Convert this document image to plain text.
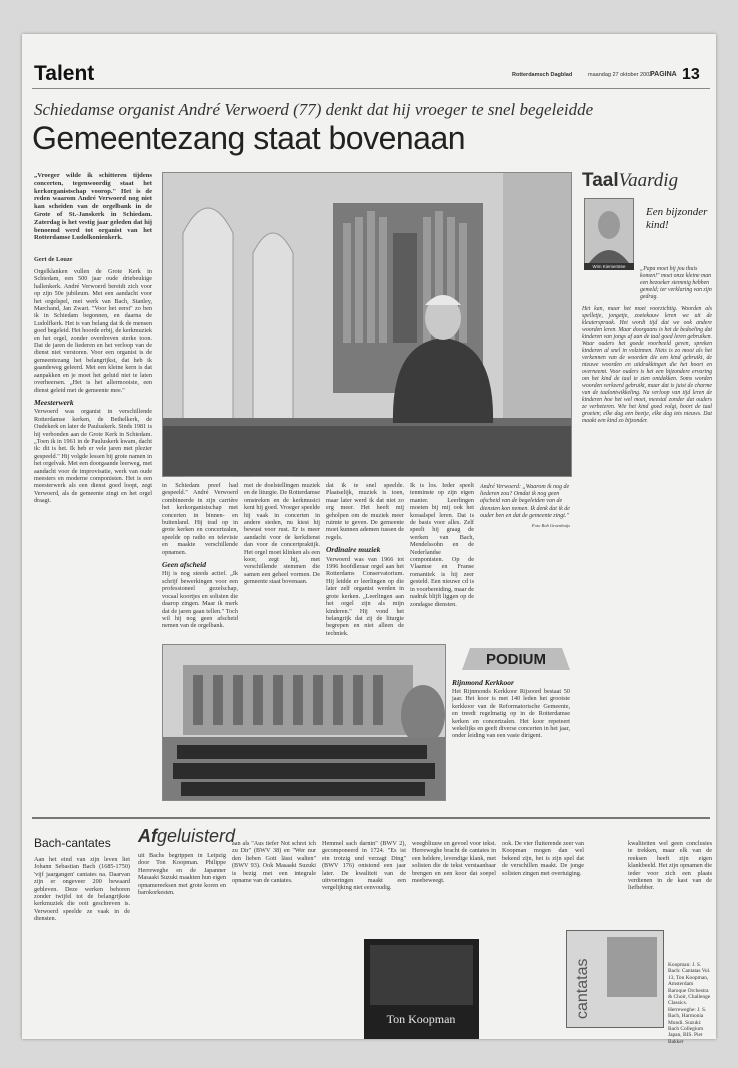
Talent	Rotterdamsch Dagblad	maandag 27 oktober 2003
PAGINA 13
Schiedamse organist André Verwoerd (77) denkt dat hij vroeger te snel begeleidde
Gemeentezang staat bovenaan
„Vroeger wilde ik schitteren tijdens concerten, tegenwoordig staat het kerkorganistschap voorop." Het is de reden waarom André Verwoerd nog niet kan scheiden van de orgelbank in de Grote of St.-Janskerk in Schiedam. Zaterdag is het vestig jaar geleden dat hij benoemd werd tot organist van het Rotterdamse Ludolkonienkerk.
Gert de Louze
Orgelklanken vullen de Grote Kerk in Schiedam, een 500 jaar oude driebeukige hallenkerk. André Verwoerd bereidt zich voor op zijn 50e jubileum. Met een aandacht voor het orgelspel, met werk van Bach, Stanley, Marchand, Jan Zwart. "Voor het eerst" zo ben ik in Schiedam begonnen, en daarna de Ludolfkerk. Het is van belang dat ik de mensen goed begeleid. Het hoorde erbij, de kerkmuziek en het orgel, zonder overdreven sterke toon. Dat de jaren de liederen en het verloop van de dienst niet verstoren. Voor een organist is de gemeentezang het belangrijkst, dat heb ik gaandeweg geleerd. Met een kleine kern is dat aanpakken en je moet het geluid niet te laten overheersen. „Het is het allermooiste, een dienst geleid met de gemeente mee."
Meesterwerk
Verwoerd was organist in verschillende Rotterdamse kerken, de Bethelkerk, de Oudekerk en later de Pauluskerk. Sinds 1981 is hij verbonden aan de Grote Kerk in Schiedam. „Toen ik in 1961 in de Pauluskerk kwam, dacht ik: dit is het. Ik heb er vele jaren met plezier gespeeld." Hij volgde lessen bij grote namen in het orgelvak. Met een doorgaande leerweg, met aandacht voor de improvisatie, werk van oude meesters en moderne componisten. Het is een meesterwerk als een dienst goed loopt, zegt Verwoerd, als de gemeente zingt en het orgel draagt.
in Schiedam preef had gespeeld." André Verwoerd combineerde in zijn carrière het kerkorganistschap met concerten in binnen- en buitenland. Hij trad op in grote kerken en concertzalen, speelde op radio en televisie en maakte verschillende opnamen.
Geen afscheid
Hij is nog steeds actief. „Ik schrijf bewerkingen voor een professioneel gezelschap, vocaal koortjes en solisten die daarop zingen. Maar ik merk dat de jaren gaan tellen." Toch wil hij nog geen afscheid nemen van de orgelbank.
met de doelstellingen muziek en de liturgie. De Rotterdamse omstreken en de kerkmusici kent hij goed. Vroeger speelde hij vaak in concerten in andere steden, nu kiest hij bewust voor rust. Er is meer aandacht voor de kerkdienst dan voor de concertpraktijk. Het orgel moet klinken als een koor, zegt hij, met verschillende stemmen die samen een geheel vormen. De gemeente staat bovenaan.
dat ik te snel speelde. Plaatselijk, muziek is toen, maar later werd ik dat niet zo erg meer. Het heeft mij geholpen om de muziek meer ruimte te geven. De gemeente moet kunnen ademen tussen de regels.
Ordinaire muziek
Verwoerd was van 1966 tot 1996 hoofdleraar orgel aan het Rotterdams Conservatorium. Hij leidde er leerlingen op die later zelf organist werden in grote kerken. „Leerlingen aan het orgel zijn als mijn kinderen." Hij vond het belangrijk dat zij de liturgie begrepen en niet alleen de techniek.
Ik is los. Ieder speelt tenminste op zijn eigen manier. Leerlingen moeten bij mij ook het koraalspel leren. Dat is de basis voor alles. Zelf speelt hij graag de werken van Bach, Mendelssohn en de Nederlandse componisten. Op de Vlaamse en Franse romantiek is hij zeer gesteld. Een nieuwe cd is in voorbereiding, maar de nadruk blijft liggen op de zondagse diensten.
André Verwoerd: „Waarom ik nog de liederen zou? Omdat ik nog geen afscheid van de begeleiden van de diensten kon nemen. Ik denk dat ik de ouder ben en dat de gemeente zingt."
Foto Rob Groenhuijs
TaalVaardig
Wim Kiemerstee
Een bijzonder kind!
„Papa moet bij jou thuis komen!" moet onze kleine man een bezoeker stemmig hebben gemeld; ter verklaring van zijn gedrag.
Het kan, maar het moet voorzichtig. Woorden als spelletje, jongetje, zoetekauw leren we uit de kleuterspraak. Het wordt tijd dat we ook andere woorden leren. Maar doorgaans is het de bedoeling dat kinderen van jongs af aan de taal goed leren gebruiken. Waar ouders het goede voorbeeld geven, spreken kinderen al snel in volzinnen. Niets is zo mooi als het verkennen van de woorden die een kind gebruikt, de nieuwe woorden en uitdrukkingen die het hoort en overneemt. Voor ouders is het een bijzondere ervaring om het kind de taal te zien ontdekken. Soms worden woorden verkeerd gebruikt, maar dat is juist de charme van de taalontwikkeling. Na verloop van tijd leren de kinderen hoe het wel moet, meestal zonder dat ouders ze verbeteren. Wie het kind goed volgt, hoort de taal groeien; elke dag een beetje, elke dag iets nieuws. Dat maakt een kind zo bijzonder.
PODIUM
Rijnmond Kerkkoor
Het Rijnmonds Kerkkoor Rijsoord bestaat 50 jaar. Het koor is met 140 leden het grootste kerkkoor van de Reformatorische Gemeente, en treedt regelmatig op in de Rotterdamse kerken en concertzalen. Het koor repeteert wekelijks en geeft diverse concerten in het jaar, onder leiding van een vaste dirigent.
Bach-cantates
Aan het eind van zijn leven liet Johann Sebastian Bach (1685-1750) 'vijf jaargangen' cantates na. Daarvan zijn er ongeveer 200 bewaard gebleven. Deze werken behoren zonder twijfel tot de belangrijkste kerkmuziek die ooit geschreven is. Verwoerd speelde ze vaak in de diensten.
Afgeluisterd
uit Bachs begrippen in Leipzig door Ton Koopman. Philippe Herreweghe en de Japanner Masaaki Suzuki maakten hun eigen opnamereeksen met grote koren en barokorkesten.
aan als "Aus tiefer Not schrei ich zu Dir" (BWV 38) en "Wer nur den lieben Gott lässt walten" (BWV 93). Ook Masaaki Suzuki is bezig met een integrale opname van de cantates.
Hemmel sach darnin" (BWV 2), gecomponeerd in 1724. "Es ist ein trotzig und verzagt Ding" (BWV 176) ontstond een jaar later. De kwaliteit van de uitvoeringen maakt een vergelijking niet eenvoudig.
weegbliuuw en gevoel voor tekst. Herreweghe bracht de cantates in een heldere, levendige klank, met solisten die de tekst verstaanbaar brengen en een koor dat soepel meebeweegt.
ook. De vier fluiterende zeer van Koopman mogen dan wel bekend zijn, het is zijn spel dat de verschillen maakt. De jonge solisten zingen met overtuiging.
kwaliteiten wel geen conclusies te trekken, maar elk van de reeksen heeft zijn eigen klankbeeld. Het zijn opnamen die ieder voor zich een plaats verdienen in de kast van de liefhebber.
Ton Koopman	cantatas	Koopman: J. S. Bach: Cantatas Vol. 13, Ton Koopman, Amsterdam Baroque Orchestra & Choir, Challenge Classics. Herreweghe: J. S. Bach, Harmonia Mundi. Suzuki: Bach Collegium Japan, BIS. Piet Bakker
